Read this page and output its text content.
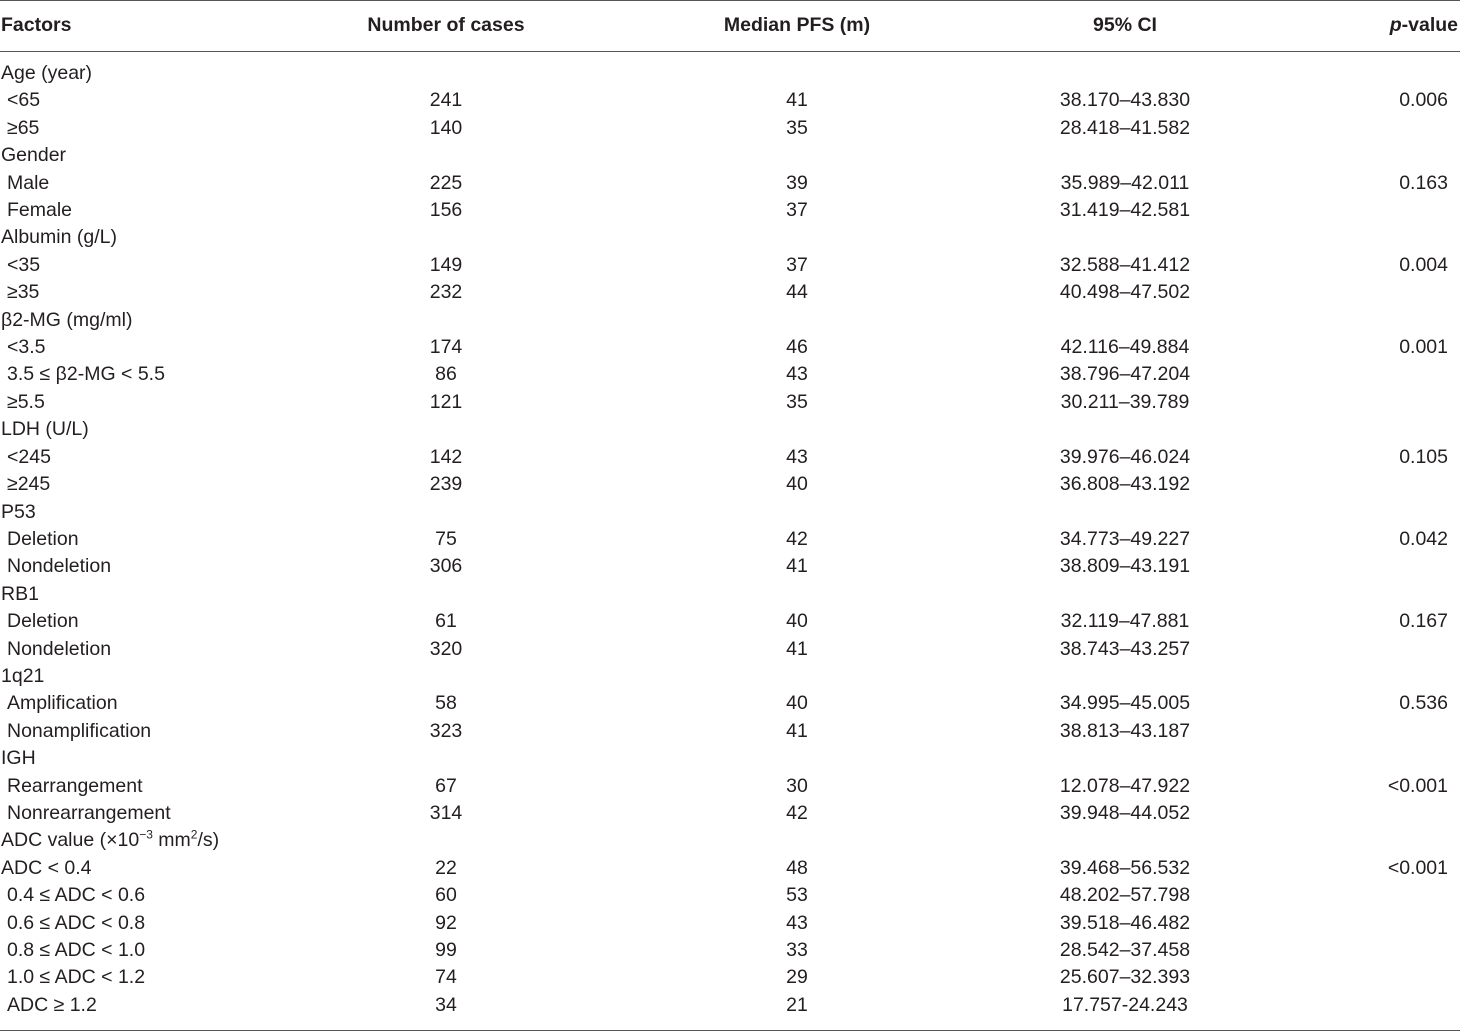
Factors	Number of cases	Median PFS (m)	95% CI	p-value

Age (year)				
<65	241	41	38.170–43.830	0.006
≥65	140	35	28.418–41.582	
Gender				
Male	225	39	35.989–42.011	0.163
Female	156	37	31.419–42.581	
Albumin (g/L)				
<35	149	37	32.588–41.412	0.004
≥35	232	44	40.498–47.502	
β2-MG (mg/ml)				
<3.5	174	46	42.116–49.884	0.001
3.5 ≤ β2-MG < 5.5	86	43	38.796–47.204	
≥5.5	121	35	30.211–39.789	
LDH (U/L)				
<245	142	43	39.976–46.024	0.105
≥245	239	40	36.808–43.192	
P53				
Deletion	75	42	34.773–49.227	0.042
Nondeletion	306	41	38.809–43.191	
RB1				
Deletion	61	40	32.119–47.881	0.167
Nondeletion	320	41	38.743–43.257	
1q21				
Amplification	58	40	34.995–45.005	0.536
Nonamplification	323	41	38.813–43.187	
IGH				
Rearrangement	67	30	12.078–47.922	<0.001
Nonrearrangement	314	42	39.948–44.052	
ADC value ($\times 10^{-3}$ $mm^2/s$)				
ADC < 0.4	22	48	39.468–56.532	<0.001
0.4 ≤ ADC < 0.6	60	53	48.202–57.798	
0.6 ≤ ADC < 0.8	92	43	39.518–46.482	
0.8 ≤ ADC < 1.0	99	33	28.542–37.458	
1.0 ≤ ADC < 1.2	74	29	25.607–32.393	
ADC ≥ 1.2	34	21	17.757-24.243	
